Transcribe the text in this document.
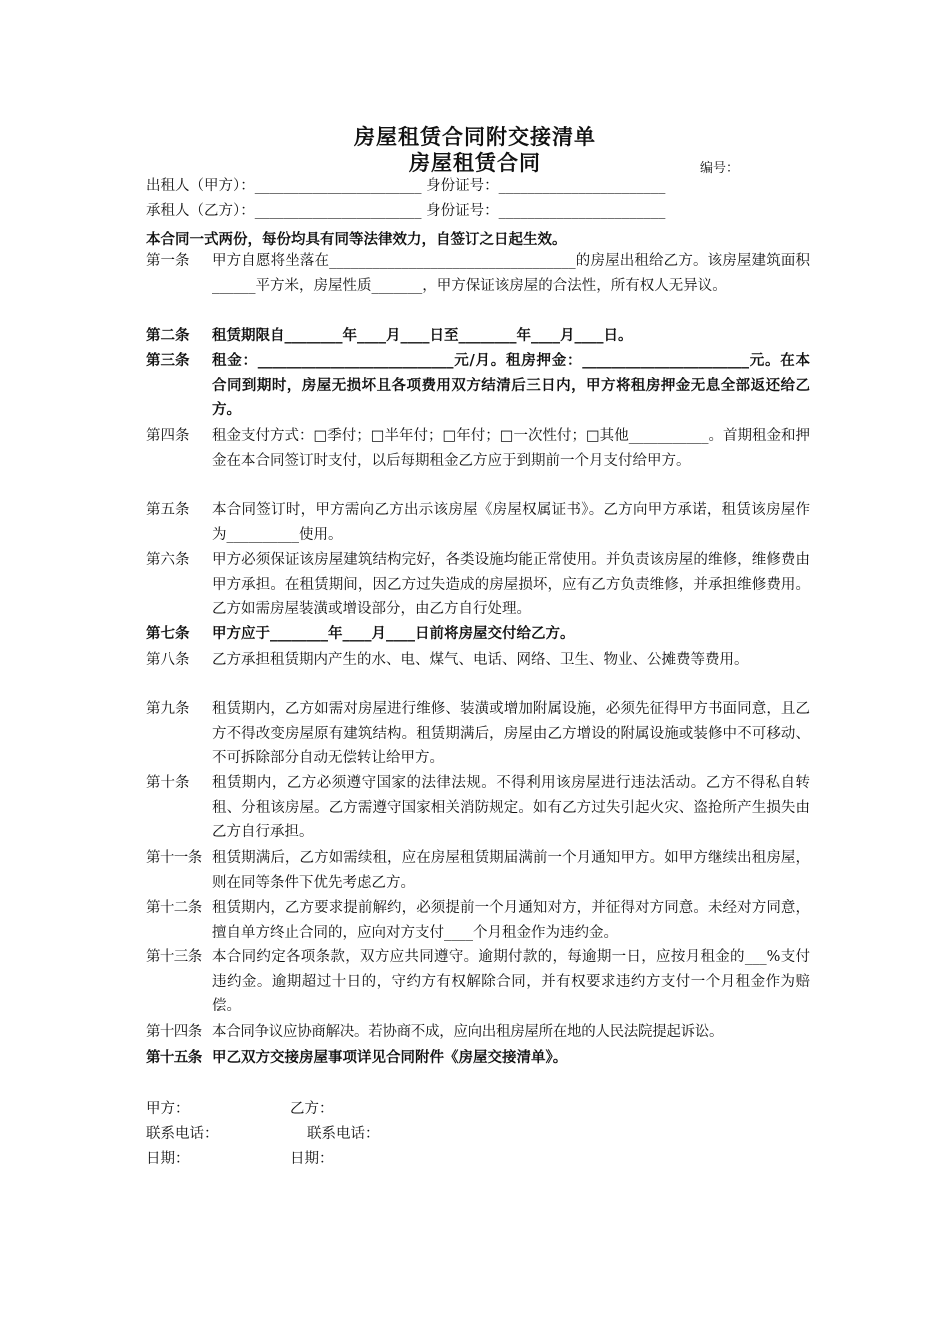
房屋租赁合同附交接清单
房屋租赁合同	编号：
出租人（甲方）：_______________________ 身份证号：_______________________
承租人（乙方）：_______________________ 身份证号：_______________________
本合同一式两份，每份均具有同等法律效力，自签订之日起生效。
第一条	甲方自愿将坐落在__________________________________的房屋出租给乙方。该房屋建筑面积______平方米，房屋性质_______，甲方保证该房屋的合法性，所有权人无异议。
第二条	租赁期限自________年____月____日至________年____月____日。
第三条	租金：___________________________元/月。租房押金：_______________________元。在本合同到期时，房屋无损坏且各项费用双方结清后三日内，甲方将租房押金无息全部返还给乙方。
第四条	租金支付方式：□季付；□半年付；□年付；□一次性付；□其他___________。首期租金和押金在本合同签订时支付，以后每期租金乙方应于到期前一个月支付给甲方。
第五条	本合同签订时，甲方需向乙方出示该房屋《房屋权属证书》。乙方向甲方承诺，租赁该房屋作为__________使用。
第六条	甲方必须保证该房屋建筑结构完好，各类设施均能正常使用。并负责该房屋的维修，维修费由甲方承担。在租赁期间，因乙方过失造成的房屋损坏，应有乙方负责维修，并承担维修费用。乙方如需房屋装潢或增设部分，由乙方自行处理。
第七条	甲方应于________年____月____日前将房屋交付给乙方。
第八条	乙方承担租赁期内产生的水、电、煤气、电话、网络、卫生、物业、公摊费等费用。
第九条	租赁期内，乙方如需对房屋进行维修、装潢或增加附属设施，必须先征得甲方书面同意，且乙方不得改变房屋原有建筑结构。租赁期满后，房屋由乙方增设的附属设施或装修中不可移动、不可拆除部分自动无偿转让给甲方。
第十条	租赁期内，乙方必须遵守国家的法律法规。不得利用该房屋进行违法活动。乙方不得私自转租、分租该房屋。乙方需遵守国家相关消防规定。如有乙方过失引起火灾、盗抢所产生损失由乙方自行承担。
第十一条 租赁期满后，乙方如需续租，应在房屋租赁期届满前一个月通知甲方。如甲方继续出租房屋，则在同等条件下优先考虑乙方。
第十二条 租赁期内，乙方要求提前解约，必须提前一个月通知对方，并征得对方同意。未经对方同意，擅自单方终止合同的，应向对方支付____个月租金作为违约金。
第十三条 本合同约定各项条款，双方应共同遵守。逾期付款的，每逾期一日，应按月租金的___%支付违约金。逾期超过十日的，守约方有权解除合同，并有权要求违约方支付一个月租金作为赔偿。
第十四条 本合同争议应协商解决。若协商不成，应向出租房屋所在地的人民法院提起诉讼。
第十五条 甲乙双方交接房屋事项详见合同附件《房屋交接清单》。
甲方：	乙方：
联系电话：	联系电话：
日期：	日期：
